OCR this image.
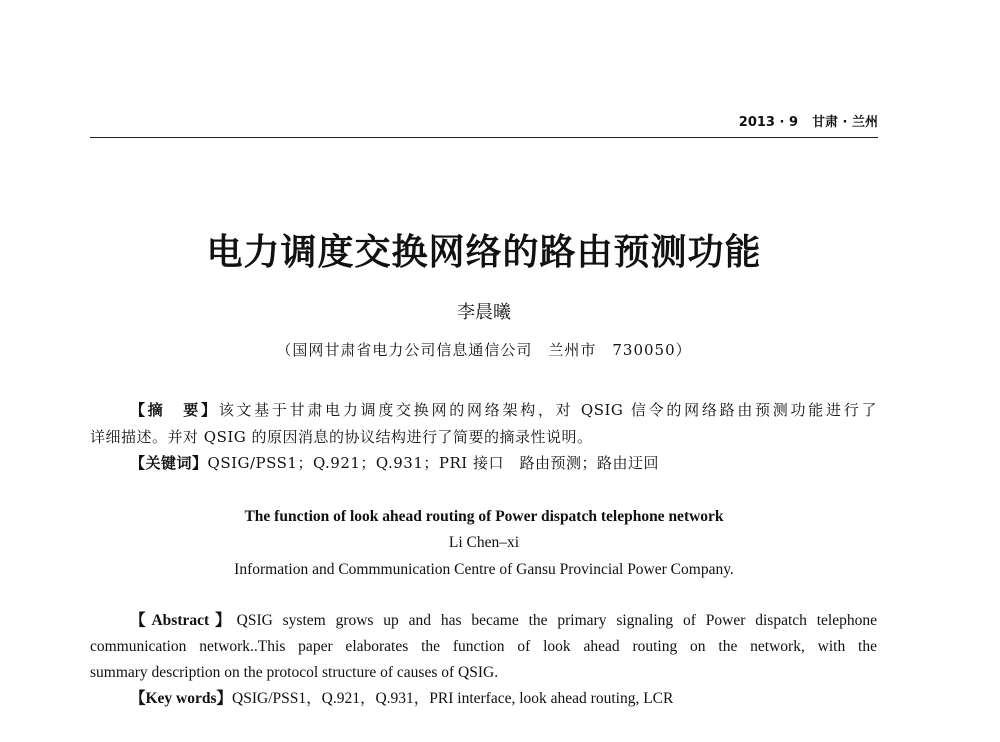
2013 · 9 甘肃 · 兰州
电力调度交换网络的路由预测功能
李晨曦
（国网甘肃省电力公司信息通信公司　兰州市　730050）
【摘　要】该文基于甘肃电力调度交换网的网络架构，对 QSIG 信令的网络路由预测功能进行了
详细描述。并对 QSIG 的原因消息的协议结构进行了简要的摘录性说明。
【关键词】QSIG/PSS1；Q.921；Q.931；PRI 接口　路由预测；路由迂回
The function of look ahead routing of Power dispatch telephone network
Li Chen–xi
Information and Commmunication Centre of Gansu Provincial Power Company.
【Abstract】QSIG system grows up and has became the primary signaling of Power dispatch telephone
communication network..This paper elaborates the function of look ahead routing on the network, with the
summary description on the protocol structure of causes of QSIG.
【Key words】QSIG/PSS1，Q.921，Q.931，PRI interface, look ahead routing, LCR
